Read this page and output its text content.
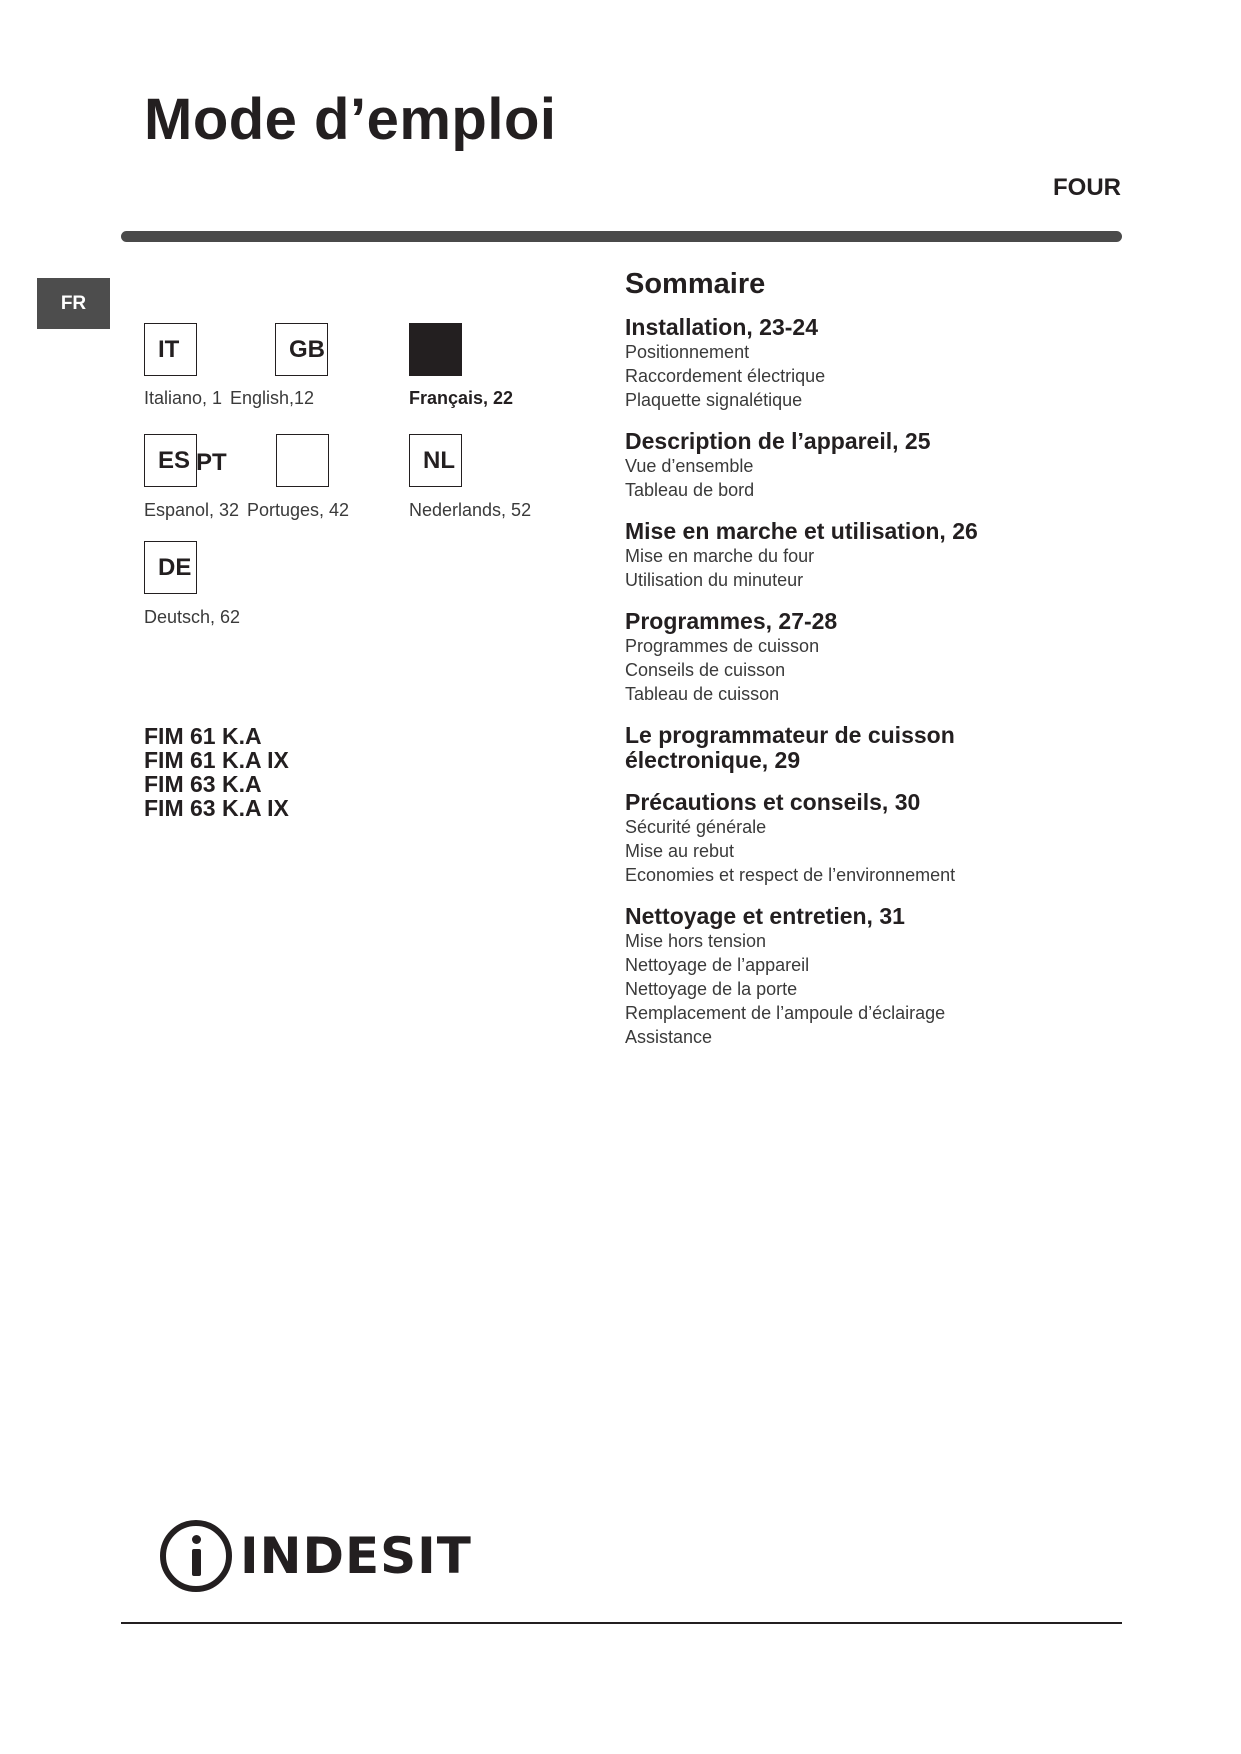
Mode d’emploi
FOUR
FR
IT	GB
Italiano, 1 English,12	Français, 22
ES PT	NL
Espanol, 32 Portuges, 42	Nederlands, 52
DE
Deutsch, 62
FIM 61 K.A
FIM 61 K.A IX
FIM 63 K.A
FIM 63 K.A IX
Sommaire
Installation, 23-24
Positionnement
Raccordement électrique
Plaquette signalétique
Description de l’appareil, 25
Vue d’ensemble
Tableau de bord
Mise en marche et utilisation, 26
Mise en marche du four
Utilisation du minuteur
Programmes, 27-28
Programmes de cuisson
Conseils de cuisson
Tableau de cuisson
Le programmateur de cuisson
électronique, 29
Précautions et conseils, 30
Sécurité générale
Mise au rebut
Economies et respect de l’environnement
Nettoyage et entretien, 31
Mise hors tension
Nettoyage de l’appareil
Nettoyage de la porte
Remplacement de l’ampoule d’éclairage
Assistance
INDESIT
